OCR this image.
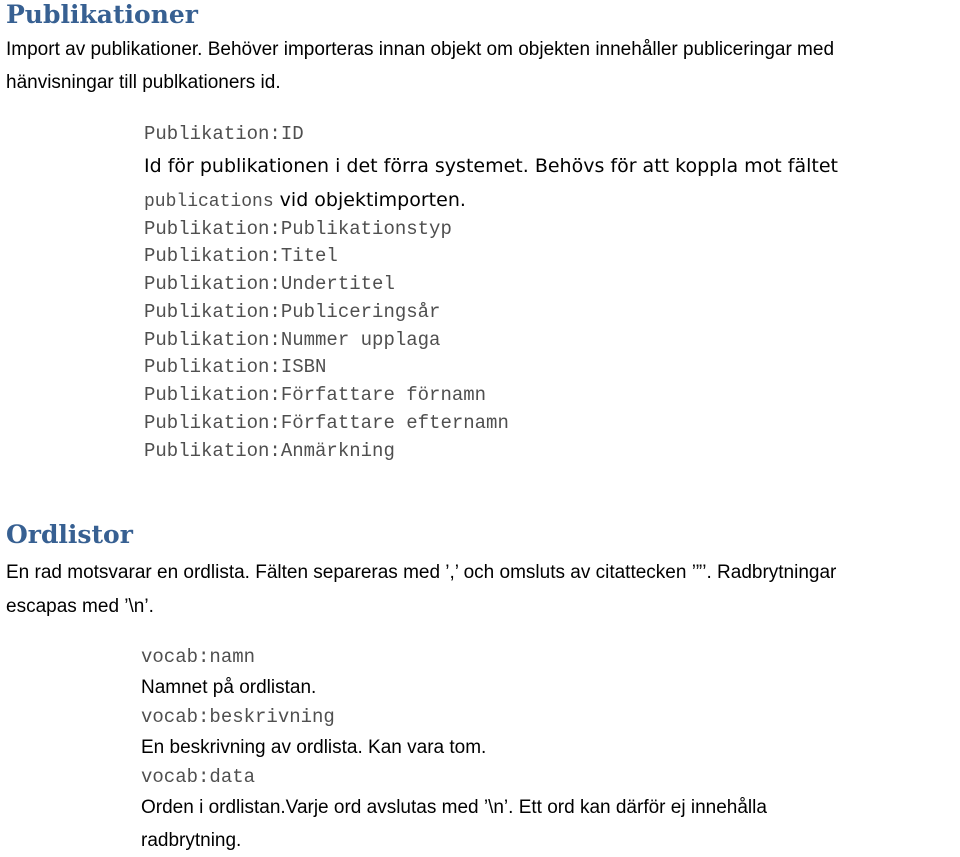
Publikationer

Import av publikationer. Behöver importeras innan objekt om objekten innehåller publiceringar med

hänvisningar till publkationers id.

Publikation:ID

Id för publikationen i det förra systemet. Behövs för att koppla mot fältet

publications vid objektimporten.

Publikation:Publikationstyp

Publikation:Titel

Publikation:Undertitel

Publikation:Publiceringsår

Publikation:Nummer upplaga

Publikation:ISBN

Publikation:Författare förnamn

Publikation:Författare efternamn

Publikation:Anmärkning

Ordlistor

En rad motsvarar en ordlista. Fälten separeras med ’,’ och omsluts av citattecken ’”’. Radbrytningar

escapas med ’\n’.

vocab:namn

Namnet på ordlistan.

vocab:beskrivning

En beskrivning av ordlista. Kan vara tom.

vocab:data

Orden i ordlistan.Varje ord avslutas med ’\n’. Ett ord kan därför ej innehålla

radbrytning.
